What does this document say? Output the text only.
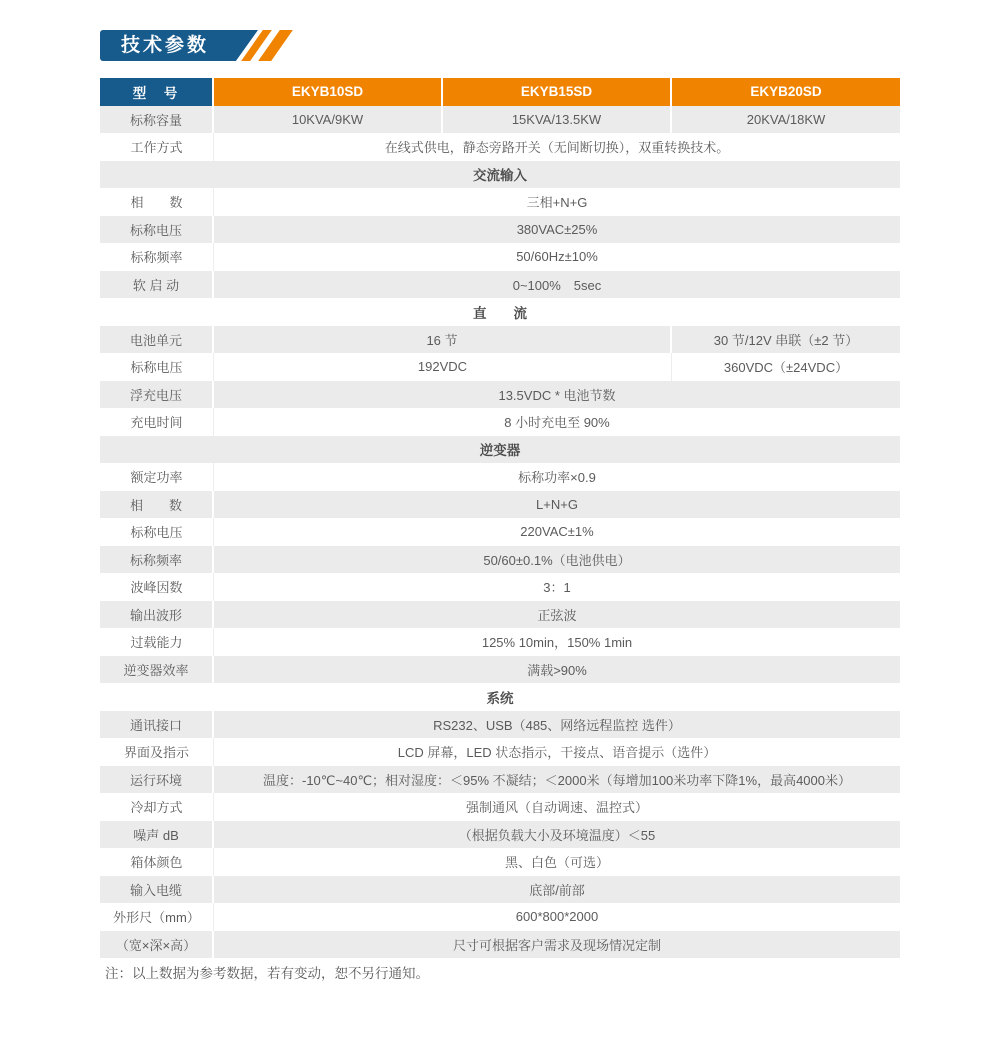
技术参数
型　号	EKYB10SD	EKYB15SD	EKYB20SD
标称容量	10KVA/9KW	15KVA/13.5KW	20KVA/18KW
工作方式	在线式供电，静态旁路开关（无间断切换），双重转换技术。
交流输入
相　　数	三相+N+G
标称电压	380VAC±25%
标称频率	50/60Hz±10%
软 启 动	0~100%　5sec
直　　流
电池单元	16 节	30 节/12V 串联（±2 节）
标称电压	192VDC	360VDC（±24VDC）
浮充电压	13.5VDC * 电池节数
充电时间	8 小时充电至 90%
逆变器
额定功率	标称功率×0.9
相　　数	L+N+G
标称电压	220VAC±1%
标称频率	50/60±0.1%（电池供电）
波峰因数	3：1
输出波形	正弦波
过载能力	125% 10min，150% 1min
逆变器效率	满载>90%
系统
通讯接口	RS232、USB（485、网络远程监控 选件）
界面及指示	LCD 屏幕，LED 状态指示，干接点、语音提示（选件）
运行环境	温度：-10℃~40℃；相对湿度：＜95% 不凝结；＜2000米（每增加100米功率下降1%，最高4000米）
冷却方式	强制通风（自动调速、温控式）
噪声 dB	（根据负载大小及环境温度）＜55
箱体颜色	黑、白色（可选）
输入电缆	底部/前部
外形尺（mm）	600*800*2000
（宽×深×高）	尺寸可根据客户需求及现场情况定制

注：以上数据为参考数据，若有变动，恕不另行通知。
